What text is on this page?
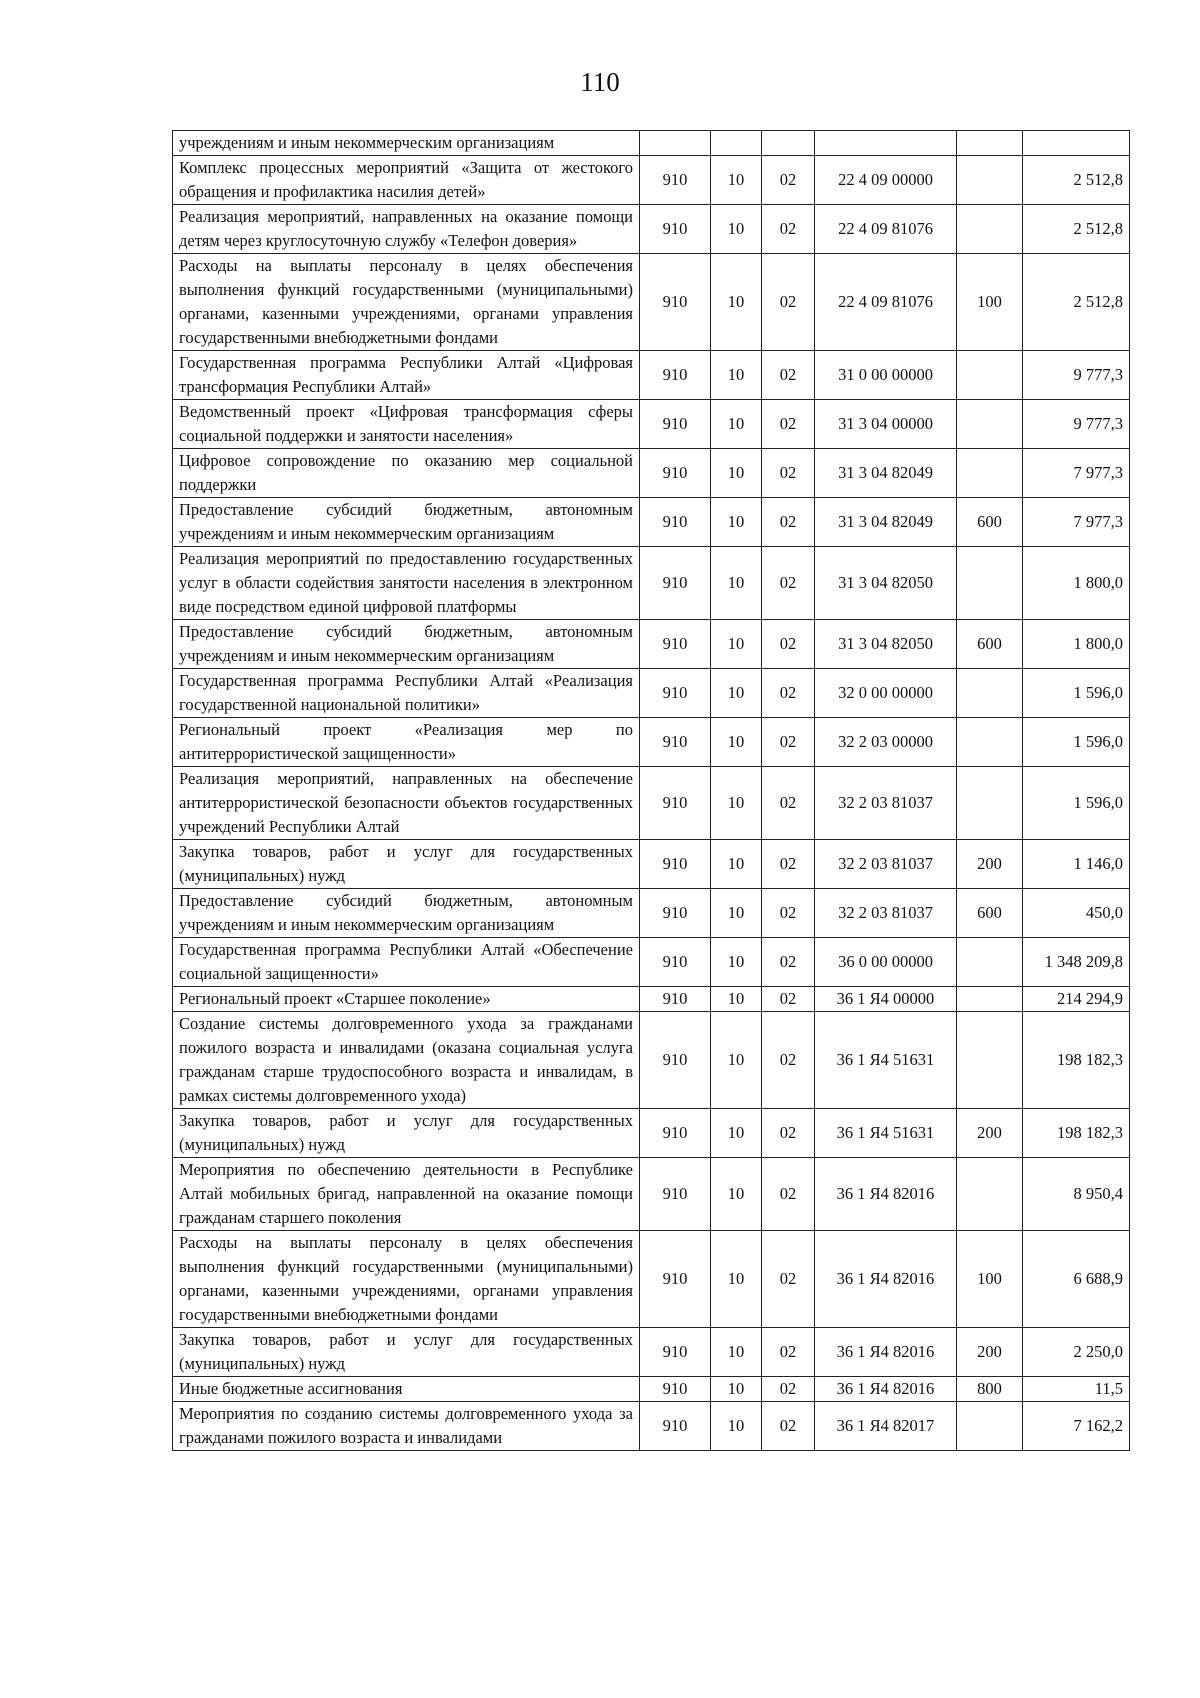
110
учреждениям и иным некоммерческим организациям						
Комплекс процессных мероприятий «Защита от жестокого обращения и профилактика насилия детей»	910	10	02	22 4 09 00000		2 512,8
Реализация мероприятий, направленных на оказание помощи детям через круглосуточную службу «Телефон доверия»	910	10	02	22 4 09 81076		2 512,8
Расходы на выплаты персоналу в целях обеспечения выполнения функций государственными (муниципальными) органами, казенными учреждениями, органами управления государственными внебюджетными фондами	910	10	02	22 4 09 81076	100	2 512,8
Государственная программа Республики Алтай «Цифровая трансформация Республики Алтай»	910	10	02	31 0 00 00000		9 777,3
Ведомственный проект «Цифровая трансформация сферы социальной поддержки и занятости населения»	910	10	02	31 3 04 00000		9 777,3
Цифровое сопровождение по оказанию мер социальной поддержки	910	10	02	31 3 04 82049		7 977,3
Предоставление субсидий бюджетным, автономным учреждениям и иным некоммерческим организациям	910	10	02	31 3 04 82049	600	7 977,3
Реализация мероприятий по предоставлению государственных услуг в области содействия занятости населения в электронном виде посредством единой цифровой платформы	910	10	02	31 3 04 82050		1 800,0
Предоставление субсидий бюджетным, автономным учреждениям и иным некоммерческим организациям	910	10	02	31 3 04 82050	600	1 800,0
Государственная программа Республики Алтай «Реализация государственной национальной политики»	910	10	02	32 0 00 00000		1 596,0
Региональный проект «Реализация мер по антитеррористической защищенности»	910	10	02	32 2 03 00000		1 596,0
Реализация мероприятий, направленных на обеспечение антитеррористической безопасности объектов государственных учреждений Республики Алтай	910	10	02	32 2 03 81037		1 596,0
Закупка товаров, работ и услуг для государственных (муниципальных) нужд	910	10	02	32 2 03 81037	200	1 146,0
Предоставление субсидий бюджетным, автономным учреждениям и иным некоммерческим организациям	910	10	02	32 2 03 81037	600	450,0
Государственная программа Республики Алтай «Обеспечение социальной защищенности»	910	10	02	36 0 00 00000		1 348 209,8
Региональный проект «Старшее поколение»	910	10	02	36 1 Я4 00000		214 294,9
Создание системы долговременного ухода за гражданами пожилого возраста и инвалидами (оказана социальная услуга гражданам старше трудоспособного возраста и инвалидам, в рамках системы долговременного ухода)	910	10	02	36 1 Я4 51631		198 182,3
Закупка товаров, работ и услуг для государственных (муниципальных) нужд	910	10	02	36 1 Я4 51631	200	198 182,3
Мероприятия по обеспечению деятельности в Республике Алтай мобильных бригад, направленной на оказание помощи гражданам старшего поколения	910	10	02	36 1 Я4 82016		8 950,4
Расходы на выплаты персоналу в целях обеспечения выполнения функций государственными (муниципальными) органами, казенными учреждениями, органами управления государственными внебюджетными фондами	910	10	02	36 1 Я4 82016	100	6 688,9
Закупка товаров, работ и услуг для государственных (муниципальных) нужд	910	10	02	36 1 Я4 82016	200	2 250,0
Иные бюджетные ассигнования	910	10	02	36 1 Я4 82016	800	11,5
Мероприятия по созданию системы долговременного ухода за гражданами пожилого возраста и инвалидами	910	10	02	36 1 Я4 82017		7 162,2
